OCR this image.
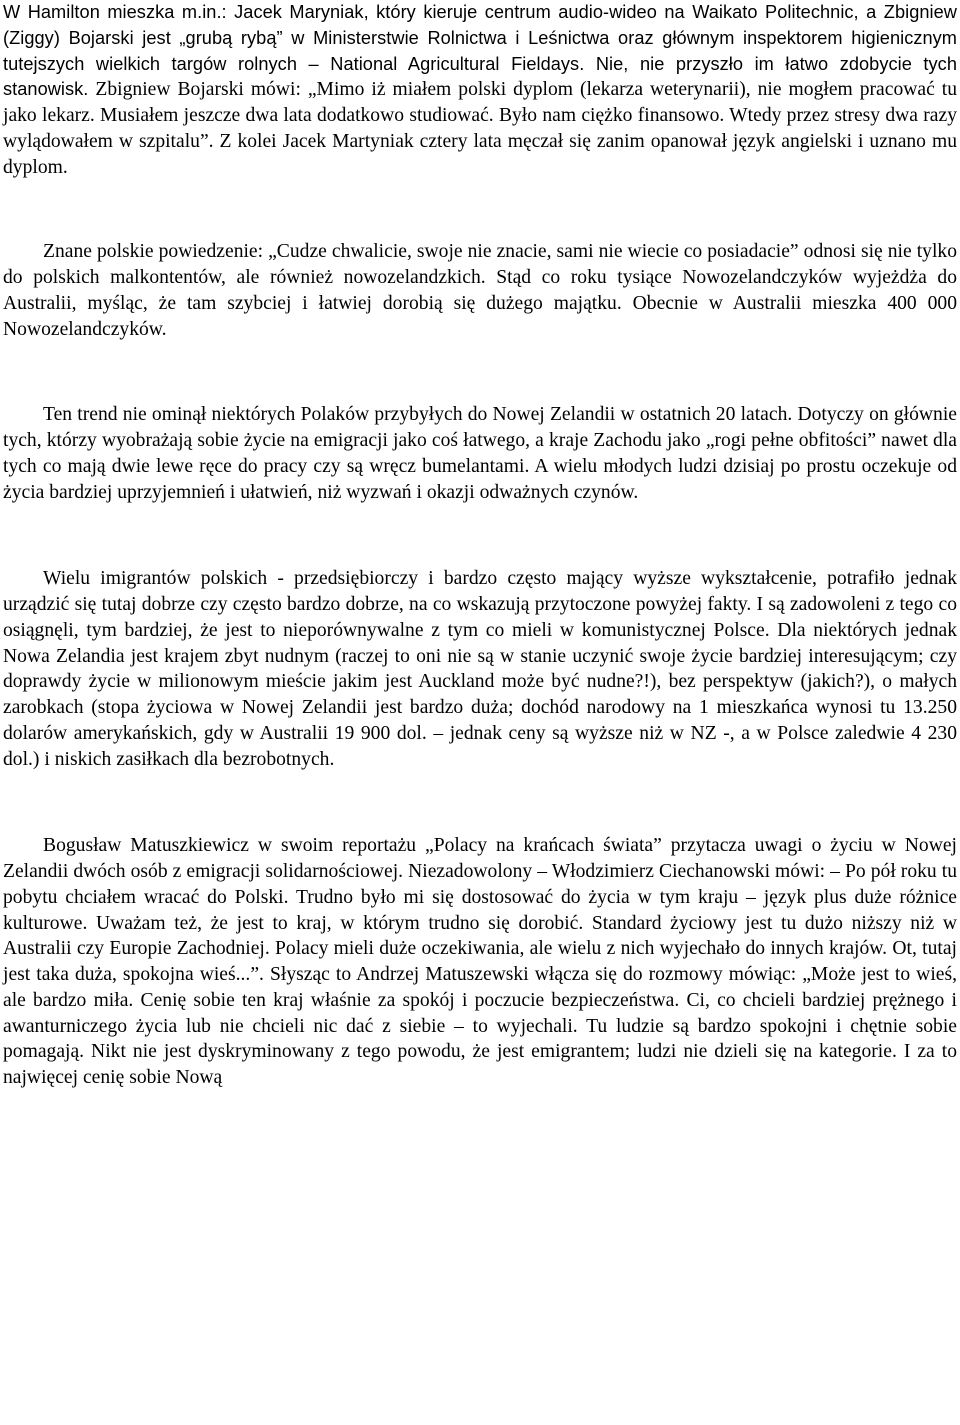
W Hamilton mieszka m.in.: Jacek Maryniak, który kieruje centrum audio-wideo na Waikato Politechnic, a Zbigniew (Ziggy) Bojarski jest „grubą rybą” w Ministerstwie Rolnictwa i Leśnictwa oraz głównym inspektorem higienicznym tutejszych wielkich targów rolnych – National Agricultural Fieldays. Nie, nie przyszło im łatwo zdobycie tych stanowisk. Zbigniew Bojarski mówi: „Mimo iż miałem polski dyplom (lekarza weterynarii), nie mogłem pracować tu jako lekarz. Musiałem jeszcze dwa lata dodatkowo studiować. Było nam ciężko finansowo. Wtedy przez stresy dwa razy wylądowałem w szpitalu”. Z kolei Jacek Martyniak cztery lata męczał się zanim opanował język angielski i uznano mu dyplom.

Znane polskie powiedzenie: „Cudze chwalicie, swoje nie znacie, sami nie wiecie co posiadacie” odnosi się nie tylko do polskich malkontentów, ale również nowozelandzkich. Stąd co roku tysiące Nowozelandczyków wyjeżdża do Australii, myśląc, że tam szybciej i łatwiej dorobią się dużego majątku. Obecnie w Australii mieszka 400 000 Nowozelandczyków.

Ten trend nie ominął niektórych Polaków przybyłych do Nowej Zelandii w ostatnich 20 latach. Dotyczy on głównie tych, którzy wyobrażają sobie życie na emigracji jako coś łatwego, a kraje Zachodu jako „rogi pełne obfitości” nawet dla tych co mają dwie lewe ręce do pracy czy są wręcz bumelantami. A wielu młodych ludzi dzisiaj po prostu oczekuje od życia bardziej uprzyjemnień i ułatwień, niż wyzwań i okazji odważnych czynów.

Wielu imigrantów polskich - przedsiębiorczy i bardzo często mający wyższe wykształcenie, potrafiło jednak urządzić się tutaj dobrze czy często bardzo dobrze, na co wskazują przytoczone powyżej fakty. I są zadowoleni z tego co osiągnęli, tym bardziej, że jest to nieporównywalne z tym co mieli w komunistycznej Polsce. Dla niektórych jednak Nowa Zelandia jest krajem zbyt nudnym (raczej to oni nie są w stanie uczynić swoje życie bardziej interesującym; czy doprawdy życie w milionowym mieście jakim jest Auckland może być nudne?!), bez perspektyw (jakich?), o małych zarobkach (stopa życiowa w Nowej Zelandii jest bardzo duża; dochód narodowy na 1 mieszkańca wynosi tu 13.250 dolarów amerykańskich, gdy w Australii 19 900 dol. – jednak ceny są wyższe niż w NZ -, a w Polsce zaledwie 4 230 dol.) i niskich zasiłkach dla bezrobotnych.

Bogusław Matuszkiewicz w swoim reportażu „Polacy na krańcach świata” przytacza uwagi o życiu w Nowej Zelandii dwóch osób z emigracji solidarnościowej. Niezadowolony – Włodzimierz Ciechanowski mówi: – Po pół roku tu pobytu chciałem wracać do Polski. Trudno było mi się dostosować do życia w tym kraju – język plus duże różnice kulturowe. Uważam też, że jest to kraj, w którym trudno się dorobić. Standard życiowy jest tu dużo niższy niż w Australii czy Europie Zachodniej. Polacy mieli duże oczekiwania, ale wielu z nich wyjechało do innych krajów. Ot, tutaj jest taka duża, spokojna wieś...”. Słysząc to Andrzej Matuszewski włącza się do rozmowy mówiąc: „Może jest to wieś, ale bardzo miła. Cenię sobie ten kraj właśnie za spokój i poczucie bezpieczeństwa. Ci, co chcieli bardziej prężnego i awanturniczego życia lub nie chcieli nic dać z siebie – to wyjechali. Tu ludzie są bardzo spokojni i chętnie sobie pomagają. Nikt nie jest dyskryminowany z tego powodu, że jest emigrantem; ludzi nie dzieli się na kategorie. I za to najwięcej cenię sobie Nową
